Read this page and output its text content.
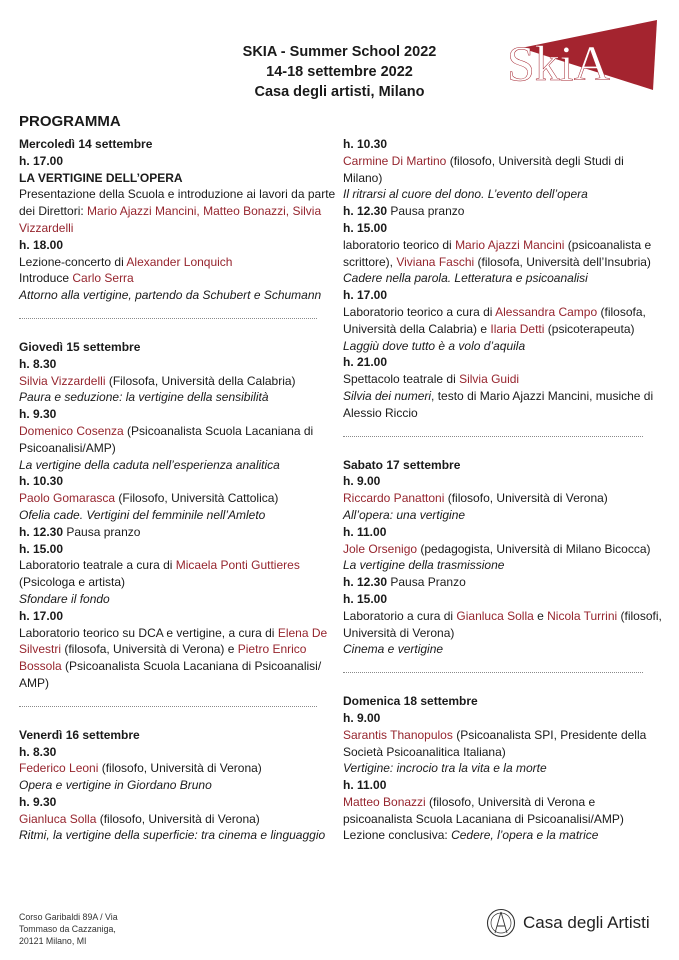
SKIA - Summer School 2022
14-18 settembre 2022
Casa degli artisti, Milano
SkiA
PROGRAMMA
Mercoledì 14 settembre
h. 17.00
LA VERTIGINE DELL’OPERA
Presentazione della Scuola e introduzione ai lavori da parte dei Direttori: Mario Ajazzi Mancini, Matteo Bonazzi, Silvia Vizzardelli
h. 18.00
Lezione-concerto di Alexander Lonquich
Introduce Carlo Serra
Attorno alla vertigine, partendo da Schubert e Schumann
Giovedì 15 settembre
h. 8.30
Silvia Vizzardelli (Filosofa, Università della Calabria)
Paura e seduzione: la vertigine della sensibilità
h. 9.30
Domenico Cosenza (Psicoanalista Scuola Lacaniana di Psicoanalisi/AMP)
La vertigine della caduta nell’esperienza analitica
h. 10.30
Paolo Gomarasca (Filosofo, Università Cattolica)
Ofelia cade. Vertigini del femminile nell’Amleto
h. 12.30 Pausa pranzo
h. 15.00
Laboratorio teatrale a cura di Micaela Ponti Guttieres (Psicologa e artista)
Sfondare il fondo
h. 17.00
Laboratorio teorico su DCA e vertigine, a cura di Elena De Silvestri (filosofa, Università di Verona) e Pietro Enrico Bossola (Psicoanalista Scuola Lacaniana di Psicoanalisi/ AMP)
Venerdì 16 settembre
h. 8.30
Federico Leoni (filosofo, Università di Verona)
Opera e vertigine in Giordano Bruno
h. 9.30
Gianluca Solla (filosofo, Università di Verona)
Ritmi, la vertigine della superficie: tra cinema e linguaggio
h. 10.30
Carmine Di Martino (filosofo, Università degli Studi di Milano)
Il ritrarsi al cuore del dono. L’evento dell’opera
h. 12.30 Pausa pranzo
h. 15.00
laboratorio teorico di Mario Ajazzi Mancini (psicoanalista e scrittore), Viviana Faschi (filosofa, Università dell’Insubria)
Cadere nella parola. Letteratura e psicoanalisi
h. 17.00
Laboratorio teorico a cura di Alessandra Campo (filosofa, Università della Calabria) e Ilaria Detti (psicoterapeuta)
Laggiù dove tutto è a volo d’aquila
h. 21.00
Spettacolo teatrale di Silvia Guidi
Silvia dei numeri, testo di Mario Ajazzi Mancini, musiche di Alessio Riccio
Sabato 17 settembre
h. 9.00
Riccardo Panattoni (filosofo, Università di Verona)
All’opera: una vertigine
h. 11.00
Jole Orsenigo (pedagogista, Università di Milano Bicocca)
La vertigine della trasmissione
h. 12.30 Pausa Pranzo
h. 15.00
Laboratorio a cura di Gianluca Solla e Nicola Turrini (filosofi, Università di Verona)
Cinema e vertigine
Domenica 18 settembre
h. 9.00
Sarantis Thanopulos (Psicoanalista SPI, Presidente della Società Psicoanalitica Italiana)
Vertigine: incrocio tra la vita e la morte
h. 11.00
Matteo Bonazzi (filosofo, Università di Verona e psicoanalista Scuola Lacaniana di Psicoanalisi/AMP)
Lezione conclusiva: Cedere, l’opera e la matrice
Corso Garibaldi 89A / Via
Tommaso da Cazzaniga,
20121 Milano, MI
Casa degli Artisti
